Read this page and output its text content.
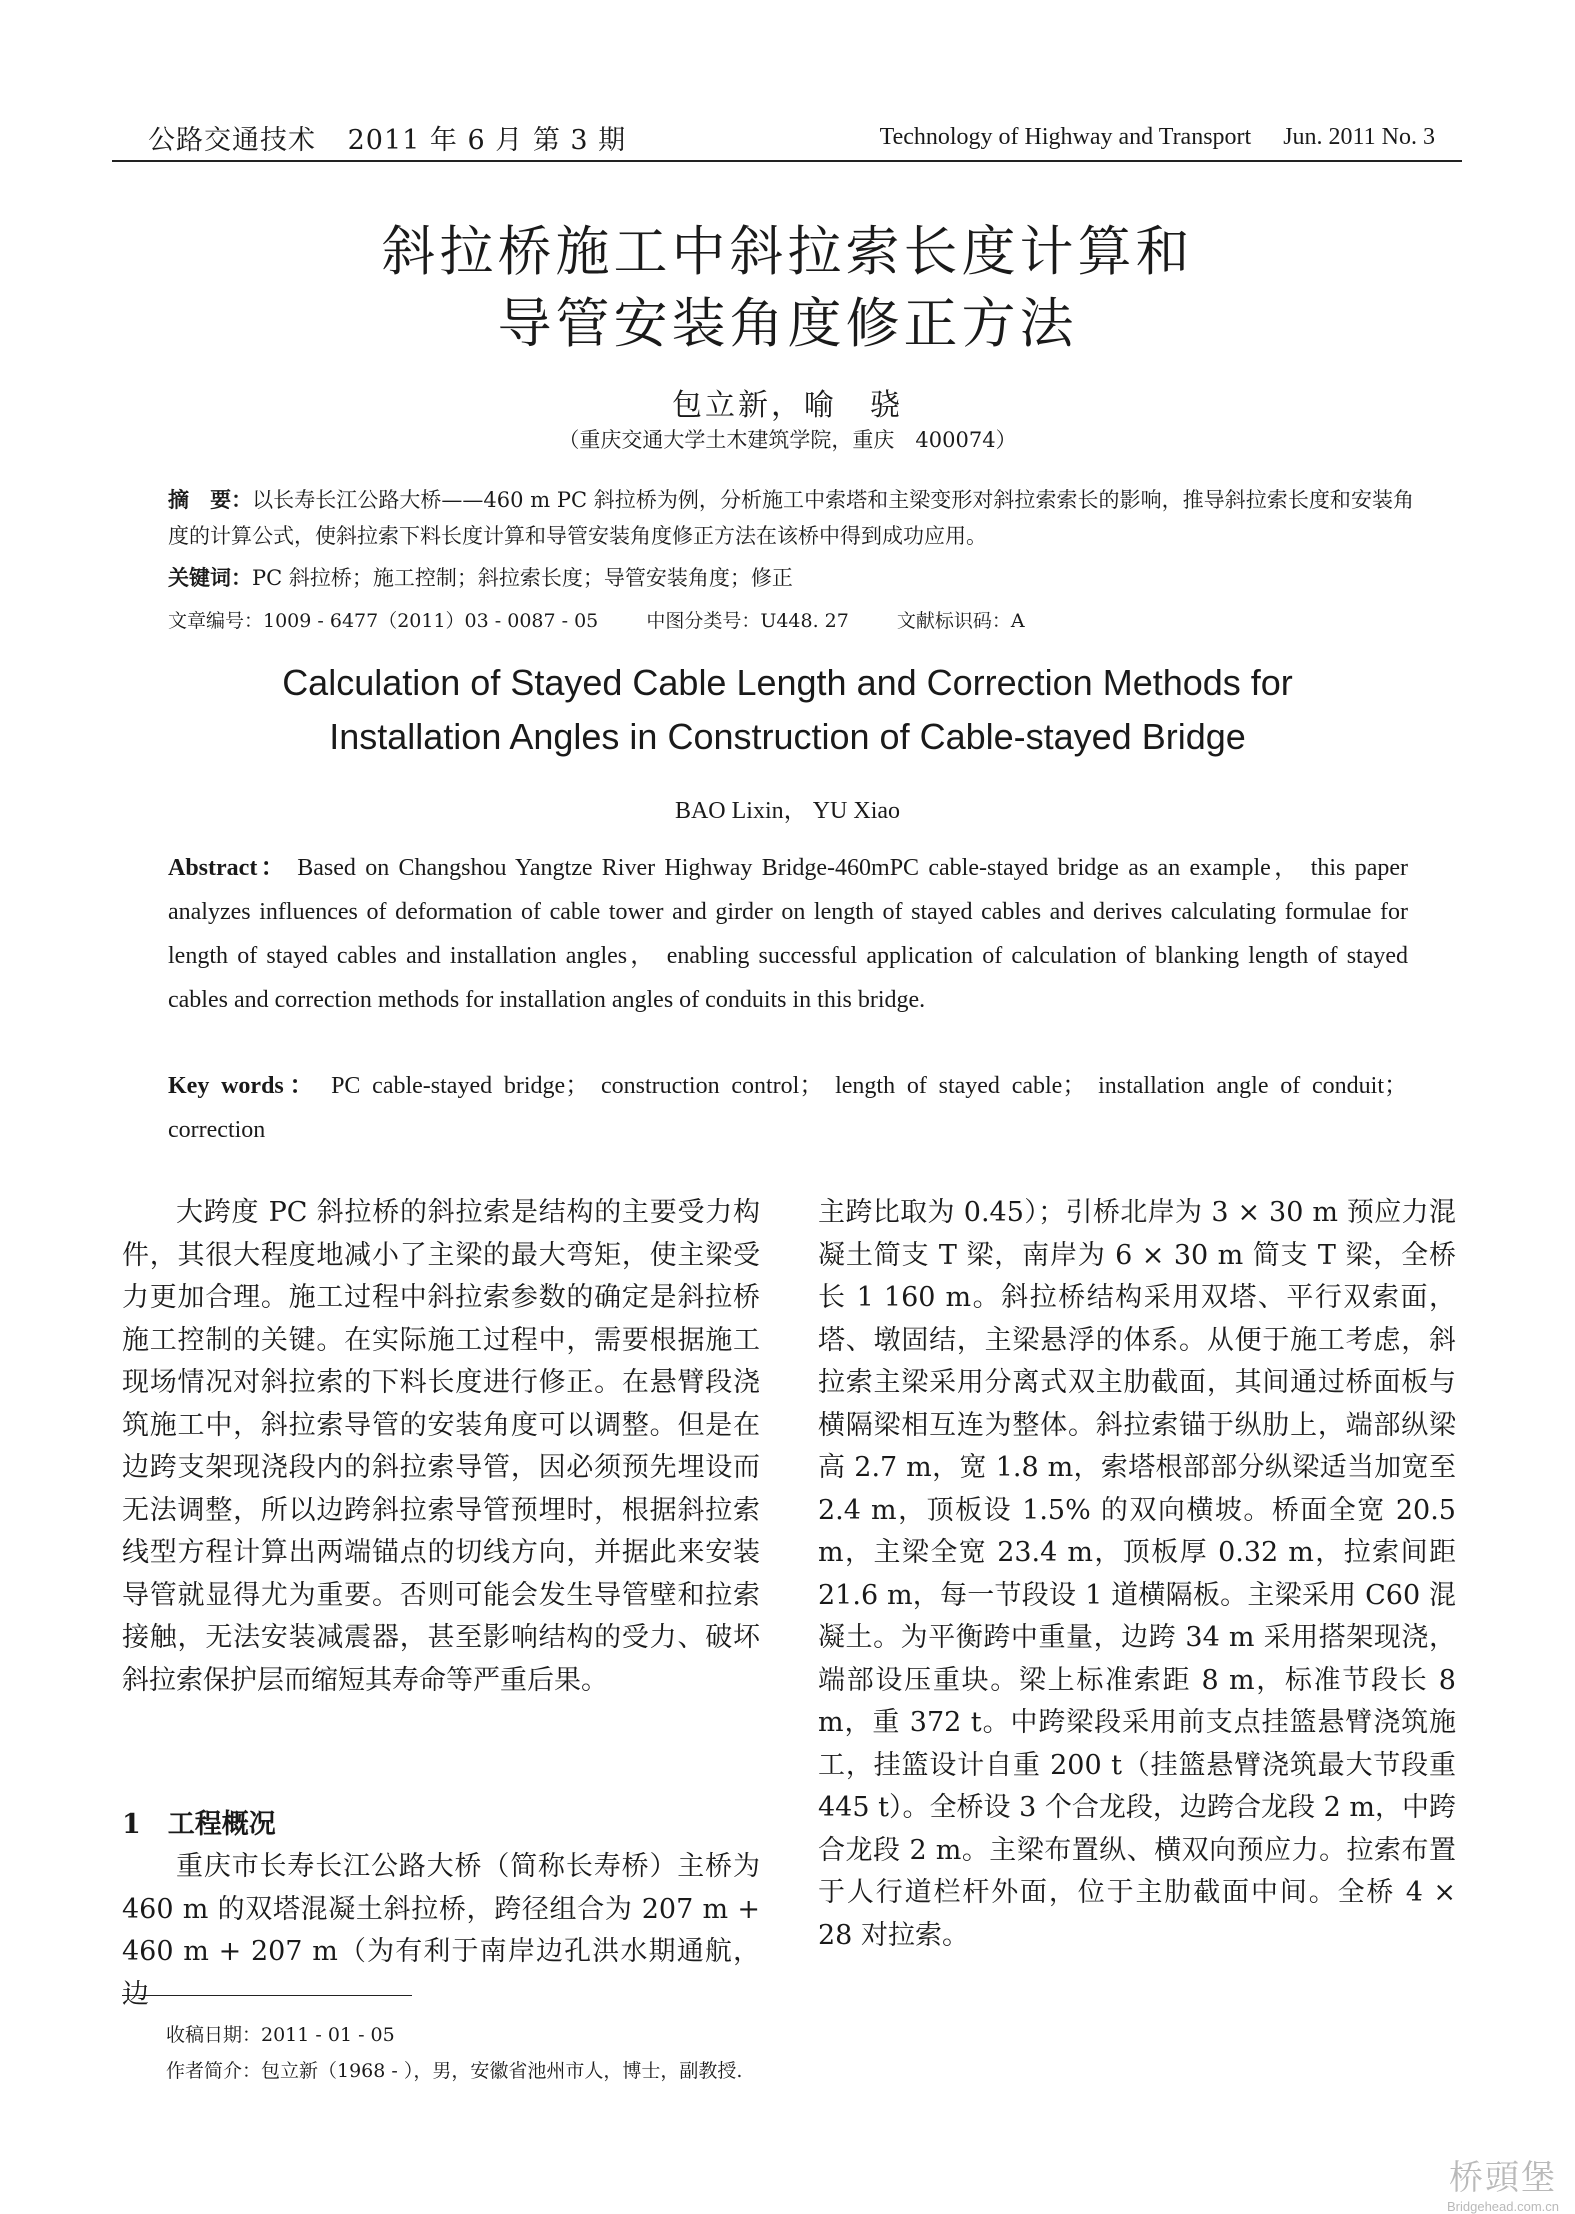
公路交通技术 2011 年 6 月 第 3 期	Technology of Highway and Transport Jun. 2011 No. 3
斜拉桥施工中斜拉索长度计算和
导管安装角度修正方法
包立新，喻　骁
（重庆交通大学土木建筑学院，重庆　400074）
摘　要：以长寿长江公路大桥——460 m PC 斜拉桥为例，分析施工中索塔和主梁变形对斜拉索索长的影响，推导斜拉索长度和安装角度的计算公式，使斜拉索下料长度计算和导管安装角度修正方法在该桥中得到成功应用。
关键词：PC 斜拉桥；施工控制；斜拉索长度；导管安装角度；修正
文章编号：1009 - 6477（2011）03 - 0087 - 05	中图分类号：U448. 27	文献标识码：A
Calculation of Stayed Cable Length and Correction Methods for
Installation Angles in Construction of Cable-stayed Bridge
BAO Lixin， YU Xiao
Abstract： Based on Changshou Yangtze River Highway Bridge-460mPC cable-stayed bridge as an example， this paper analyzes influences of deformation of cable tower and girder on length of stayed cables and derives calculating formulae for length of stayed cables and installation angles， enabling successful application of calculation of blanking length of stayed cables and correction methods for installation angles of conduits in this bridge.
Key words： PC cable-stayed bridge； construction control； length of stayed cable； installation angle of conduit； correction

大跨度 PC 斜拉桥的斜拉索是结构的主要受力构件，其很大程度地减小了主梁的最大弯矩，使主梁受力更加合理。施工过程中斜拉索参数的确定是斜拉桥施工控制的关键。在实际施工过程中，需要根据施工现场情况对斜拉索的下料长度进行修正。在悬臂段浇筑施工中，斜拉索导管的安装角度可以调整。但是在边跨支架现浇段内的斜拉索导管，因必须预先埋设而无法调整，所以边跨斜拉索导管预埋时，根据斜拉索线型方程计算出两端锚点的切线方向，并据此来安装导管就显得尤为重要。否则可能会发生导管壁和拉索接触，无法安装减震器，甚至影响结构的受力、破坏斜拉索保护层而缩短其寿命等严重后果。

1　工程概况

重庆市长寿长江公路大桥（简称长寿桥）主桥为 460 m 的双塔混凝土斜拉桥，跨径组合为 207 m + 460 m + 207 m（为有利于南岸边孔洪水期通航，边

主跨比取为 0.45）；引桥北岸为 3 × 30 m 预应力混凝土简支 T 梁，南岸为 6 × 30 m 简支 T 梁，全桥长 1 160 m。斜拉桥结构采用双塔、平行双索面，塔、墩固结，主梁悬浮的体系。从便于施工考虑，斜拉索主梁采用分离式双主肋截面，其间通过桥面板与横隔梁相互连为整体。斜拉索锚于纵肋上，端部纵梁高 2.7 m，宽 1.8 m，索塔根部部分纵梁适当加宽至 2.4 m，顶板设 1.5% 的双向横坡。桥面全宽 20.5 m，主梁全宽 23.4 m，顶板厚 0.32 m，拉索间距 21.6 m，每一节段设 1 道横隔板。主梁采用 C60 混凝土。为平衡跨中重量，边跨 34 m 采用搭架现浇，端部设压重块。梁上标准索距 8 m，标准节段长 8 m，重 372 t。中跨梁段采用前支点挂篮悬臂浇筑施工，挂篮设计自重 200 t（挂篮悬臂浇筑最大节段重 445 t）。全桥设 3 个合龙段，边跨合龙段 2 m，中跨合龙段 2 m。主梁布置纵、横双向预应力。拉索布置于人行道栏杆外面，位于主肋截面中间。全桥 4 × 28 对拉索。

收稿日期：2011 - 01 - 05
作者简介：包立新（1968 - ），男，安徽省池州市人，博士，副教授.
桥頭堡
Bridgehead.com.cn
